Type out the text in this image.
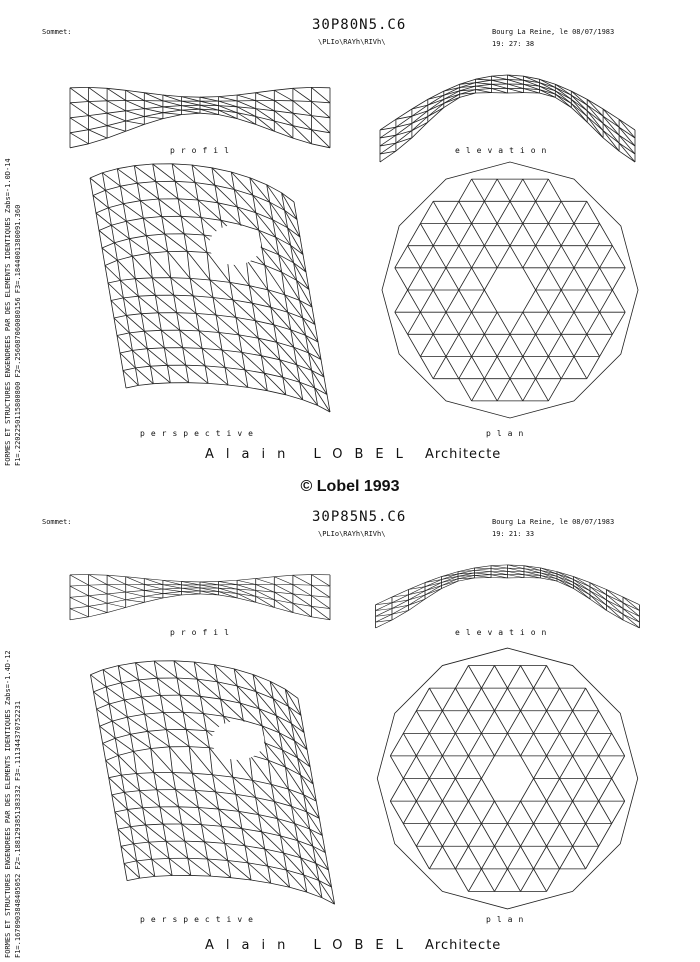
FORMES ET STRUCTURES ENGENDREES PAR DES ELEMENTS IDENTIQUES Zabs=-1.0D-14 F1=.2202250115800800 F2=.256087060080156 F3=.1844001380091.360
Sommet:	30P80N5.C6
\PLIo\RAYh\RIVh\
Bourg La Reine, le 08/07/1983
19: 27: 38
profil	elevation
perspective	plan
Alain LOBEL Architecte
© Lobel 1993
FORMES ET STRUCTURES ENGENDREES PAR DES ELEMENTS IDENTIQUES Zabs=-1.4D-12 F1=.1670903848405052 F2=.1881293851383332 F3=.111344370752231
Sommet:	30P85N5.C6
\PLIo\RAYh\RIVh\
Bourg La Reine, le 08/07/1983
19: 21: 33
profil	elevation
perspective	plan
Alain LOBEL Architecte
